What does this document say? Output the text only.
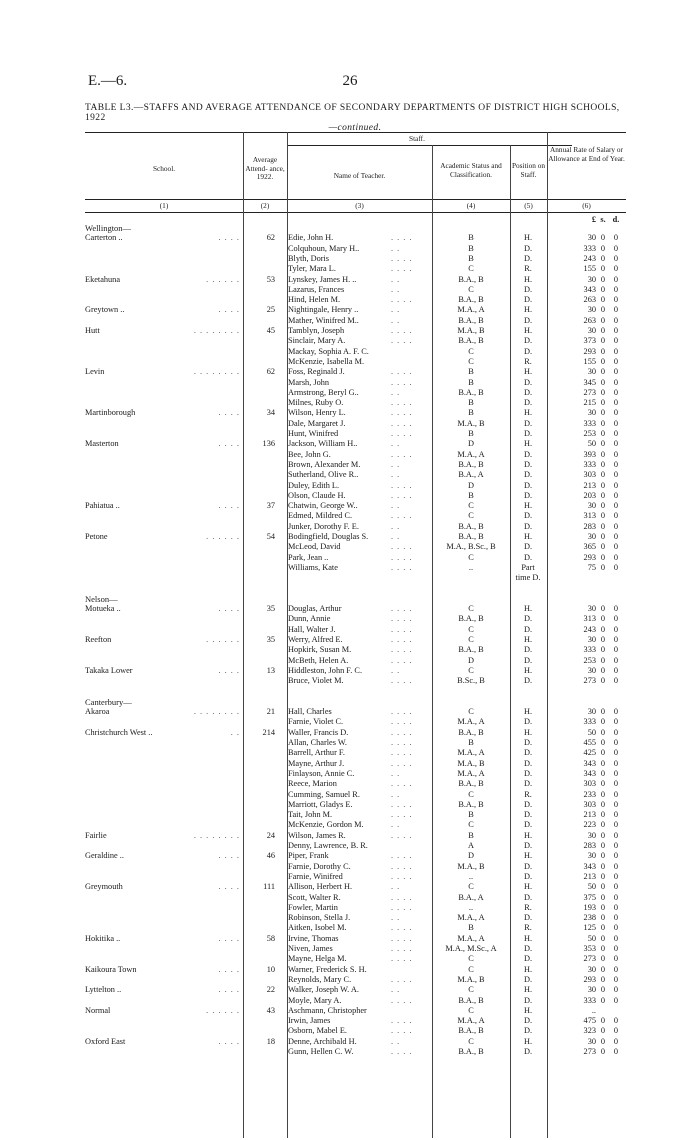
E.—6.	26
TABLE L3.—STAFFS AND AVERAGE ATTENDANCE OF SECONDARY DEPARTMENTS OF DISTRICT HIGH SCHOOLS, 1922
—continued.
School.
Average Attend- ance, 1922.
Staff.
Name of Teacher.
Academic Status and Classification.
Position on Staff.
Annual Rate of Salary or Allowance at End of Year.
(1)	(2)	(3)	(4)	(5)	(6)
£ s. d.
Wellington—
Carterton ..	. . . .	62 Edie, John H.	. . . .	B	H.	30 0	0
Colquhoun, Mary H..	. .	B	D.	333 0	0
Blyth, Doris	. . . .	B	D.	243 0	0
Tyler, Mara L.	. . . .	C	R.	155 0	0
Eketahuna	. . . . . .	53 Lynskey, James H. ..	. .	B.A., B	H.	30 0	0
Lazarus, Frances	. .	C	D.	343 0	0
Hind, Helen M.	. . . .	B.A., B	D.	263 0	0
Greytown ..	. . . .	25 Nightingale, Henry ..	. .	M.A., A	H.	30 0	0
Mather, Winifred M..	. .	B.A., B	D.	263 0	0
Hutt	. . . . . . . .	45 Tamblyn, Joseph	. . . .	M.A., B	H.	30 0	0
Sinclair, Mary A.	. . . .	B.A., B	D.	373 0	0
Mackay, Sophia A. F. C.	C	D.	293 0	0
McKenzie, Isabella M.	C	R.	155 0	0
Levin	. . . . . . . .	62 Foss, Reginald J.	. . . .	B	H.	30 0	0
Marsh, John	. . . .	B	D.	345 0	0
Armstrong, Beryl G..	. .	B.A., B	D.	273 0	0
Milnes, Ruby O.	. . . .	B	D.	215 0	0
Martinborough	. . . .	34 Wilson, Henry L.	. . . .	B	H.	30 0	0
Dale, Margaret J.	. . . .	M.A., B	D.	333 0	0
Hunt, Winifred	. . . .	B	D.	253 0	0
Masterton	. . . .	136 Jackson, William H..	. .	D	H.	50 0	0
Bee, John G.	. . . .	M.A., A	D.	393 0	0
Brown, Alexander M.	. .	B.A., B	D.	333 0	0
Sutherland, Olive R..	. .	B.A., A	D.	303 0	0
Duley, Edith L.	. . . .	D	D.	213 0	0
Olson, Claude H.	. . . .	B	D.	203 0	0
Pahiatua ..	. . . .	37 Chatwin, George W..	. .	C	H.	30 0	0
Edmed, Mildred C.	. . . .	C	D.	313 0	0
Junker, Dorothy F. E.	. .	B.A., B	D.	283 0	0
Petone	. . . . . .	54 Bodingfield, Douglas S.	. .	B.A., B	H.	30 0	0
McLeod, David	. . . .	M.A., B.Sc., B	D.	365 0	0
Park, Jean ..	. . . .	C	D.	293 0	0
Williams, Kate	. . . .	..	Part	75 0	0
time D.
Nelson—
Motueka ..	. . . .	35 Douglas, Arthur	. . . .	C	H.	30 0	0
Dunn, Annie	. . . .	B.A., B	D.	313 0	0
Hall, Walter J.	. . . .	C	D.	243 0	0
Reefton	. . . . . .	35 Werry, Alfred E.	. . . .	C	H.	30 0	0
Hopkirk, Susan M.	. . . .	B.A., B	D.	333 0	0
McBeth, Helen A.	. . . .	D	D.	253 0	0
Takaka Lower	. . . .	13 Hiddleston, John F. C.	. .	C	H.	30 0	0
Bruce, Violet M.	. . . .	B.Sc., B	D.	273 0	0
Canterbury—
Akaroa	. . . . . . . .	21 Hall, Charles	. . . .	C	H.	30 0	0
Farnie, Violet C.	. . . .	M.A., A	D.	333 0	0
Christchurch West ..	. .	214 Waller, Francis D.	. . . .	B.A., B	H.	50 0	0
Allan, Charles W.	. . . .	B	D.	455 0	0
Barrell, Arthur F.	. . . .	M.A., A	D.	425 0	0
Mayne, Arthur J.	. . . .	M.A., B	D.	343 0	0
Finlayson, Annie C.	. .	M.A., A	D.	343 0	0
Reece, Marion	. . . .	B.A., B	D.	303 0	0
Cumming, Samuel R.	. .	C	R.	233 0	0
Marriott, Gladys E.	. . . .	B.A., B	D.	303 0	0
Tait, John M.	. . . .	B	D.	213 0	0
McKenzie, Gordon M.	. .	C	D.	223 0	0
Fairlie	. . . . . . . .	24 Wilson, James R.	. . . .	B	H.	30 0	0
Denny, Lawrence, B. R.	A	D.	283 0	0
Geraldine ..	. . . .	46 Piper, Frank	. . . .	D	H.	30 0	0
Farnie, Dorothy C.	. . . .	M.A., B	D.	343 0	0
Farnie, Winifred	. . . .	..	D.	213 0	0
Greymouth	. . . .	111 Allison, Herbert H.	. .	C	H.	50 0	0
Scott, Walter R.	. . . .	B.A., A	D.	375 0	0
Fowler, Martin	. . . .	..	R.	193 0	0
Robinson, Stella J.	. .	M.A., A	D.	238 0	0
Aitken, Isobel M.	. . . .	B	R.	125 0	0
Hokitika ..	. . . .	58 Irvine, Thomas	. . . .	M.A., A	H.	50 0	0
Niven, James	. . . .	M.A., M.Sc., A	D.	353 0	0
Mayne, Helga M.	. . . .	C	D.	273 0	0
Kaikoura Town	. . . .	10 Warner, Frederick S. H.	C	H.	30 0	0
Reynolds, Mary C.	. . . .	M.A., B	D.	293 0	0
Lyttelton ..	. . . .	22 Walker, Joseph W. A.	. .	C	H.	30 0	0
Moyle, Mary A.	. . . .	B.A., B	D.	333 0	0
Normal	. . . . . .	43 Aschmann, Christopher	C	H.	..
Irwin, James	. . . .	M.A., A	D.	475 0	0
Osborn, Mabel E.	. . . .	B.A., B	D.	323 0	0
Oxford East	. . . .	18 Denne, Archibald H.	. .	C	H.	30 0	0
Gunn, Hellen C. W.	. . . .	B.A., B	D.	273 0	0
